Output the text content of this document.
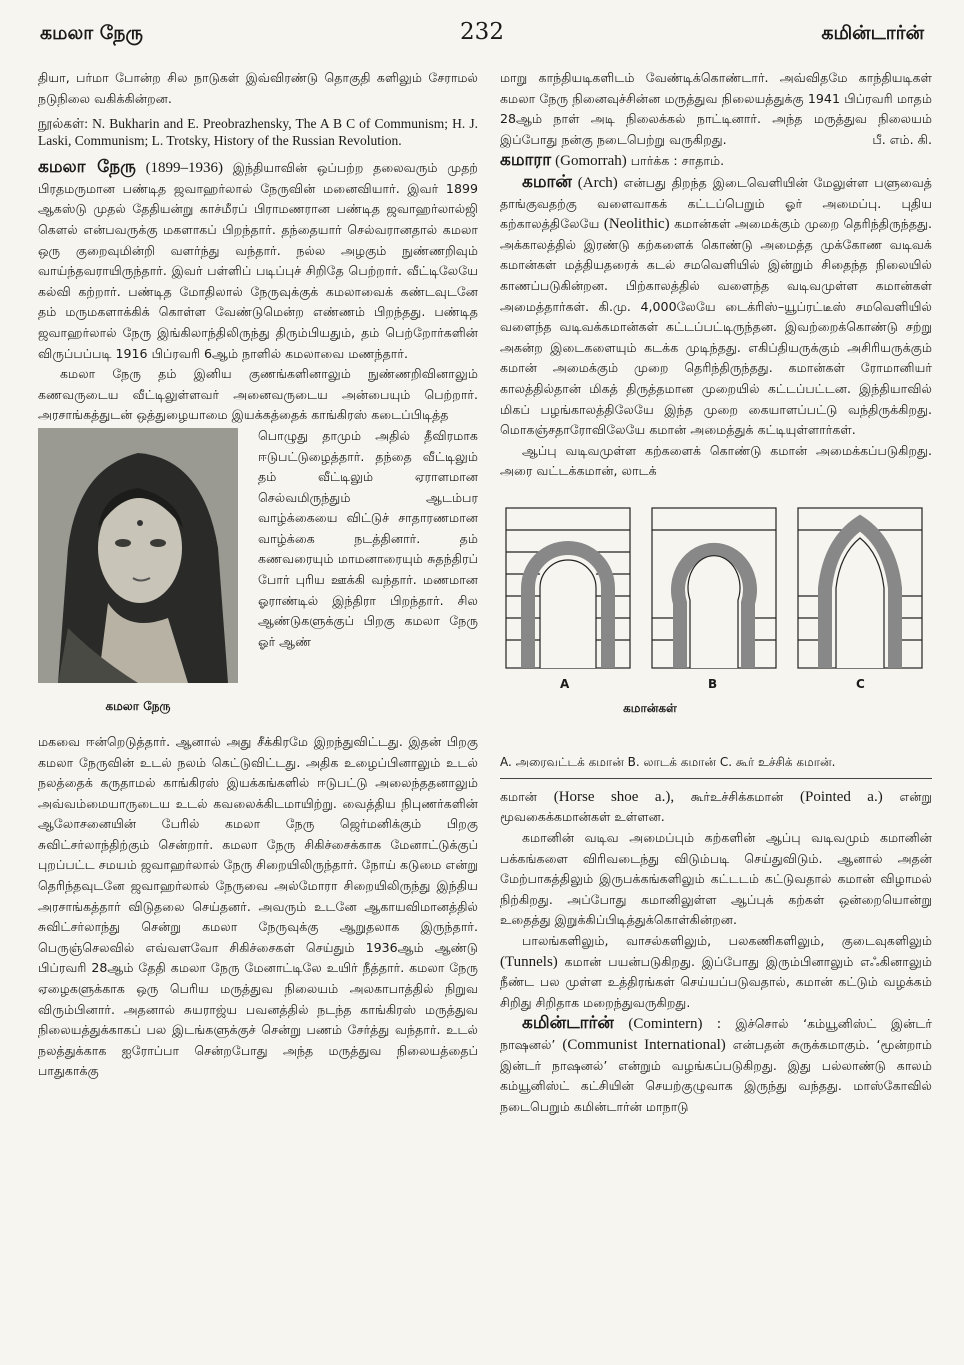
கமலா நேரு	232	கமின்டார்ன்

தியா, பர்மா போன்ற சில நாடுகள் இவ்விரண்டு தொகுதி களிலும் சேராமல் நடுநிலை வகிக்கின்றன.

நூல்கள்: N. Bukharin and E. Preobrazhensky, The A B C of Communism; H. J. Laski, Communism; L. Trotsky, History of the Russian Revolution.

கமலா நேரு (1899–1936) இந்தியாவின் ஒப்பற்ற தலைவரும் முதற் பிரதமருமான பண்டித ஜவாஹர்லால் நேருவின் மனைவியார். இவர் 1899 ஆகஸ்டு முதல் தேதியன்று காச்மீரப் பிராமணரான பண்டித ஜவாஹர்லால்ஜி கௌல் என்பவருக்கு மகளாகப் பிறந்தார். தந்தையார் செல்வரானதால் கமலா ஒரு குறைவுமின்றி வளர்ந்து வந்தார். நல்ல அழகும் நுண்ணறிவும் வாய்ந்தவராயிருந்தார். இவர் பள்ளிப் படிப்புச் சிறிதே பெற்றார். வீட்டிலேயே கல்வி கற்றார். பண்டித மோதிலால் நேருவுக்குக் கமலாவைக் கண்டவுடனே தம் மருமகளாக்கிக் கொள்ள வேண்டுமென்ற எண்ணம் பிறந்தது. பண்டித ஜவாஹர்லால் நேரு இங்கிலாந்திலிருந்து திரும்பியதும், தம் பெற்றோர்களின் விருப்பப்படி 1916 பிப்ரவரி 6ஆம் நாளில் கமலாவை மணந்தார்.

கமலா நேரு தம் இனிய குணங்களினாலும் நுண்ணறிவினாலும் கணவருடைய வீட்டிலுள்ளவர் அனைவருடைய அன்பையும் பெற்றார். அரசாங்கத்துடன் ஒத்துழையாமை இயக்கத்தைக் காங்கிரஸ் கடைப்பிடித்த

கமலா நேரு

பொழுது தாமும் அதில் தீவிரமாக ஈடுபட்டுழைத்தார். தந்தை வீட்டிலும் தம் வீட்டிலும் ஏராளமான செல்வமிருந்தும் ஆடம்பர வாழ்க்கையை விட்டுச் சாதாரணமான வாழ்க்கை நடத்தினார். தம் கணவரையும் மாமனாரையும் சுதந்திரப் போர் புரிய ஊக்கி வந்தார். மணமான ஓராண்டில் இந்திரா பிறந்தார். சில ஆண்டுகளுக்குப் பிறகு கமலா நேரு ஓர் ஆண்

மகவை ஈன்றெடுத்தார். ஆனால் அது சீக்கிரமே இறந்துவிட்டது. இதன் பிறகு கமலா நேருவின் உடல் நலம் கெட்டுவிட்டது. அதிக உழைப்பினாலும் உடல் நலத்தைக் கருதாமல் காங்கிரஸ் இயக்கங்களில் ஈடுபட்டு அலைந்ததனாலும் அவ்வம்மையாருடைய உடல் கவலைக்கிடமாயிற்று. வைத்திய நிபுணர்களின் ஆலோசனையின் பேரில் கமலா நேரு ஜெர்மனிக்கும் பிறகு சுவிட்சர்லாந்திற்கும் சென்றார். கமலா நேரு சிகிச்சைக்காக மேனாட்டுக்குப் புறப்பட்ட சமயம் ஜவாஹர்லால் நேரு சிறையிலிருந்தார். நோய் கடுமை என்று தெரிந்தவுடனே ஜவாஹர்லால் நேருவை அல்மோரா சிறையிலிருந்து இந்திய அரசாங்கத்தார் விடுதலை செய்தனர். அவரும் உடனே ஆகாயவிமானத்தில் சுவிட்சர்லாந்து சென்று கமலா நேருவுக்கு ஆறுதலாக இருந்தார். பெருஞ்செலவில் எவ்வளவோ சிகிச்சைகள் செய்தும் 1936ஆம் ஆண்டு பிப்ரவரி 28ஆம் தேதி கமலா நேரு மேனாட்டிலே உயிர் நீத்தார். கமலா நேரு ஏழைகளுக்காக ஒரு பெரிய மருத்துவ நிலையம் அலகாபாத்தில் நிறுவ விரும்பினார். அதனால் சுயராஜ்ய பவனத்தில் நடந்த காங்கிரஸ் மருத்துவ நிலையத்துக்காகப் பல இடங்களுக்குச் சென்று பணம் சேர்த்து வந்தார். உடல் நலத்துக்காக ஐரோப்பா சென்றபோது அந்த மருத்துவ நிலையத்தைப் பாதுகாக்கு

மாறு காந்தியடிகளிடம் வேண்டிக்கொண்டார். அவ்விதமே காந்தியடிகள் கமலா நேரு நினைவுச்சின்ன மருத்துவ நிலையத்துக்கு 1941 பிப்ரவரி மாதம் 28ஆம் நாள் அடி நிலைக்கல் நாட்டினார். அந்த மருத்துவ நிலையம் இப்போது நன்கு நடைபெற்று வருகிறது.	பீ. எம். கி.

கமாரா (Gomorrah) பார்க்க : சாதாம்.

கமான் (Arch) என்பது திறந்த இடைவெளியின் மேலுள்ள பளுவைத் தாங்குவதற்கு வளைவாகக் கட்டப்பெறும் ஓர் அமைப்பு. புதிய கற்காலத்திலேயே (Neolithic) கமான்கள் அமைக்கும் முறை தெரிந்திருந்தது. அக்காலத்தில் இரண்டு கற்களைக் கொண்டு அமைத்த முக்கோண வடிவக் கமான்கள் மத்தியதரைக் கடல் சமவெளியில் இன்றும் சிதைந்த நிலையில் காணப்படுகின்றன. பிற்காலத்தில் வளைந்த வடிவமுள்ள கமான்கள் அமைத்தார்கள். கி.மு. 4,000லேயே டைக்ரிஸ்–யூப்ரட்டீஸ் சமவெளியில் வளைந்த வடிவக்கமான்கள் கட்டப்பட்டிருந்தன. இவற்றைக்கொண்டு சற்று அகன்ற இடைகளையும் கடக்க முடிந்தது. எகிப்தியருக்கும் அசிரியருக்கும் கமான் அமைக்கும் முறை தெரிந்திருந்தது. கமான்கள் ரோமானியர் காலத்தில்தான் மிகத் திருத்தமான முறையில் கட்டப்பட்டன. இந்தியாவில் மிகப் பழங்காலத்திலேயே இந்த முறை கையாளப்பட்டு வந்திருக்கிறது. மொகஞ்சதாரோவிலேயே கமான் அமைத்துக் கட்டியுள்ளார்கள்.

ஆப்பு வடிவமுள்ள கற்களைக் கொண்டு கமான் அமைக்கப்படுகிறது. அரை வட்டக்கமான், லாடக்

A	B	C
கமான்கள்

A. அரைவட்டக் கமான் B. லாடக் கமான் C. கூர் உச்சிக் கமான்.

கமான் (Horse shoe a.), கூர்உச்சிக்கமான் (Pointed a.) என்று மூவகைக்கமான்கள் உள்ளன.

கமானின் வடிவ அமைப்பும் கற்களின் ஆப்பு வடிவமும் கமானின் பக்கங்களை விரிவடைந்து விடும்படி செய்துவிடும். ஆனால் அதன் மேற்பாகத்திலும் இருபக்கங்களிலும் கட்டடம் கட்டுவதால் கமான் விழாமல் நிற்கிறது. அப்போது கமானிலுள்ள ஆப்புக் கற்கள் ஒன்றையொன்று உதைத்து இறுக்கிப்பிடித்துக்கொள்கின்றன.

பாலங்களிலும், வாசல்களிலும், பலகணிகளிலும், குடைவுகளிலும் (Tunnels) கமான் பயன்படுகிறது. இப்போது இரும்பினாலும் எஃகினாலும் நீண்ட பல முள்ள உத்திரங்கள் செய்யப்படுவதால், கமான் கட்டும் வழக்கம் சிறிது சிறிதாக மறைந்துவருகிறது.

கமின்டார்ன் (Comintern) : இச்சொல் ‘கம்யூனிஸ்ட் இன்டர் நாஷனல்’ (Communist International) என்பதன் சுருக்கமாகும். ‘மூன்றாம் இன்டர் நாஷனல்’ என்றும் வழங்கப்படுகிறது. இது பல்லாண்டு காலம் கம்யூனிஸ்ட் கட்சியின் செயற்குழுவாக இருந்து வந்தது. மாஸ்கோவில் நடைபெறும் கமின்டார்ன் மாநாடு
